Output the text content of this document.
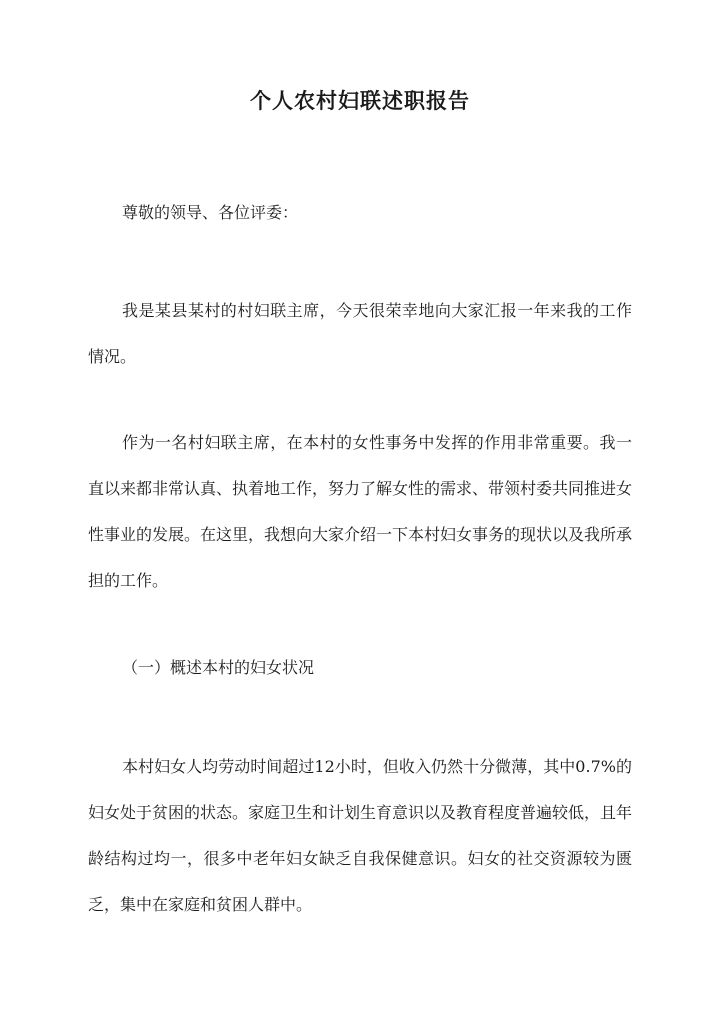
个人农村妇联述职报告

尊敬的领导、各位评委：

我是某县某村的村妇联主席，今天很荣幸地向大家汇报一年来我的工作情况。

作为一名村妇联主席，在本村的女性事务中发挥的作用非常重要。我一直以来都非常认真、执着地工作，努力了解女性的需求、带领村委共同推进女性事业的发展。在这里，我想向大家介绍一下本村妇女事务的现状以及我所承担的工作。

（一）概述本村的妇女状况

本村妇女人均劳动时间超过12小时，但收入仍然十分微薄，其中0.7%的妇女处于贫困的状态。家庭卫生和计划生育意识以及教育程度普遍较低，且年龄结构过均一，很多中老年妇女缺乏自我保健意识。妇女的社交资源较为匮乏，集中在家庭和贫困人群中。
